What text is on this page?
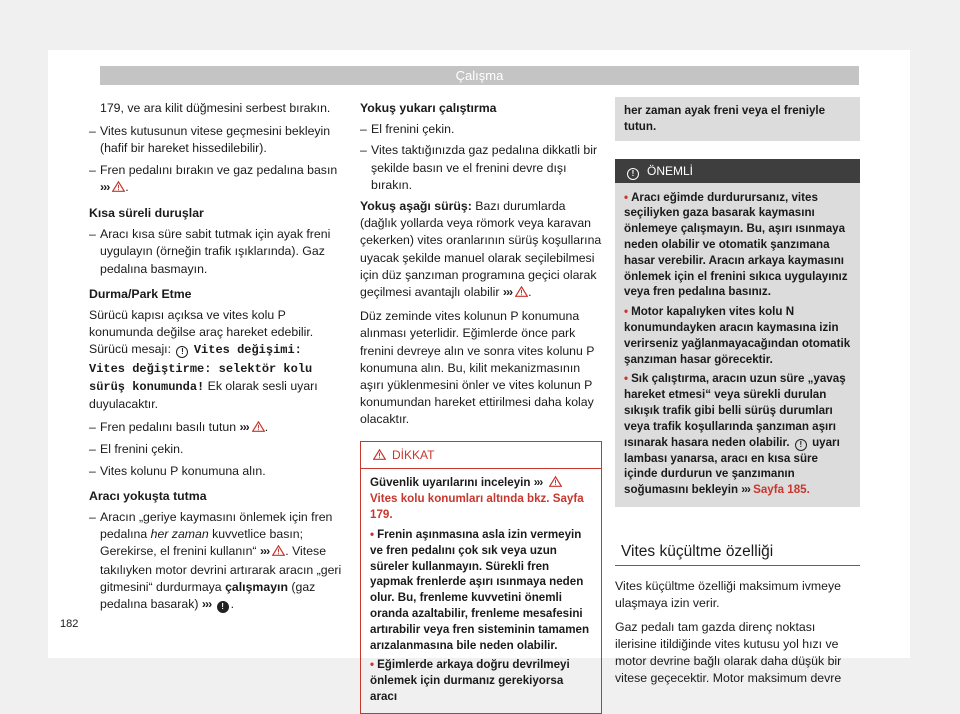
Çalışma

179, ve ara kilit düğmesini serbest bırakın.

– Vites kutusunun vitese geçmesini bekleyin (hafif bir hareket hissedilebilir).

– Fren pedalını bırakın ve gaz pedalına basın ››› .

Kısa süreli duruşlar

– Aracı kısa süre sabit tutmak için ayak freni uygulayın (örneğin trafik ışıklarında). Gaz pedalına basmayın.

Durma/Park Etme

Sürücü kapısı açıksa ve vites kolu P konumunda değilse araç hareket edebilir. Sürücü mesajı: ! Vites değişimi: Vites değiştirme: selektör kolu sürüş konumunda! Ek olarak sesli uyarı duyulacaktır.

– Fren pedalını basılı tutun ››› .

– El frenini çekin.

– Vites kolunu P konumuna alın.

Aracı yokuşta tutma

– Aracın „geriye kaymasını önlemek için fren pedalına her zaman kuvvetlice basın; Gerekirse, el frenini kullanın“ ››› . Vitese takılıyken motor devrini artırarak aracın „geri gitmesini“ durdurmaya çalışmayın (gaz pedalına basarak) ››› ! .

Yokuş yukarı çalıştırma

– El frenini çekin.

– Vites taktığınızda gaz pedalına dikkatli bir şekilde basın ve el frenini devre dışı bırakın.

Yokuş aşağı sürüş: Bazı durumlarda (dağlık yollarda veya römork veya karavan çekerken) vites oranlarının sürüş koşullarına uyacak şekilde manuel olarak seçilebilmesi için düz şanzıman programına geçici olarak geçilmesi avantajlı olabilir ››› .

Düz zeminde vites kolunun P konumuna alınması yeterlidir. Eğimlerde önce park frenini devreye alın ve sonra vites kolunu P konumuna alın. Bu, kilit mekanizmasının aşırı yüklenmesini önler ve vites kolunun P konumundan hareket ettirilmesi daha kolay olacaktır.

DİKKAT

Güvenlik uyarılarını inceleyin ›››  Vites kolu konumları altında bkz. Sayfa 179.

• Frenin aşınmasına asla izin vermeyin ve fren pedalını çok sık veya uzun süreler kullanmayın. Sürekli fren yapmak frenlerde aşırı ısınmaya neden olur. Bu, frenleme kuvvetini önemli oranda azaltabilir, frenleme mesafesini artırabilir veya fren sisteminin tamamen arızalanmasına bile neden olabilir.

• Eğimlerde arkaya doğru devrilmeyi önlemek için durmanız gerekiyorsa aracı

her zaman ayak freni veya el freniyle tutun.
! ÖNEMLİ

• Aracı eğimde durdurursanız, vites seçiliyken gaza basarak kaymasını önlemeye çalışmayın. Bu, aşırı ısınmaya neden olabilir ve otomatik şanzımana hasar verebilir. Aracın arkaya kaymasını önlemek için el frenini sıkıca uygulayınız veya fren pedalına basınız.

• Motor kapalıyken vites kolu N konumundayken aracın kaymasına izin verirseniz yağlanmayacağından otomatik şanzıman hasar görecektir.

• Sık çalıştırma, aracın uzun süre „yavaş hareket etmesi“ veya sürekli durulan sıkışık trafik gibi belli sürüş durumları veya trafik koşullarında şanzıman aşırı ısınarak hasara neden olabilir. ! uyarı lambası yanarsa, aracı en kısa süre içinde durdurun ve şanzımanın soğumasını bekleyin ››› Sayfa 185.

Vites küçültme özelliği

Vites küçültme özelliği maksimum ivmeye ulaşmaya izin verir.

Gaz pedalı tam gazda direnç noktası ilerisine itildiğinde vites kutusu yol hızı ve motor devrine bağlı olarak daha düşük bir vitese geçecektir. Motor maksimum devre

182
